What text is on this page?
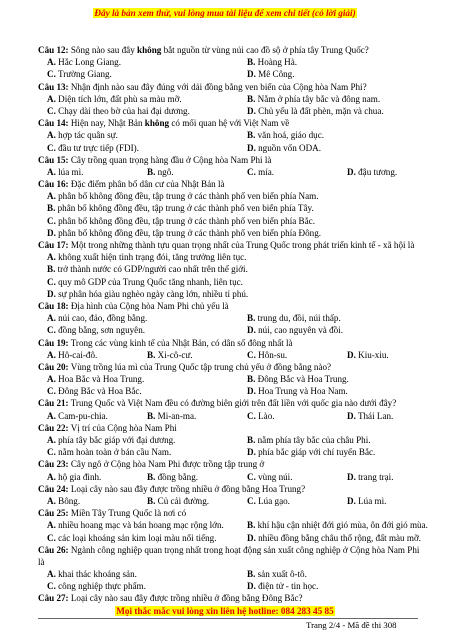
Đây là bản xem thử, vui lòng mua tài liệu để xem chi tiết (có lời giải)
Câu 12: Sông nào sau đây không bắt nguồn từ vùng núi cao đồ sộ ở phía tây Trung Quốc?
A. Hắc Long Giang.	B. Hoàng Hà.
C. Trường Giang.	D. Mê Công.
Câu 13: Nhận định nào sau đây đúng với dải đồng bằng ven biển của Cộng hòa Nam Phi?
A. Diện tích lớn, đất phù sa màu mỡ.	B. Nằm ở phía tây bắc và đông nam.
C. Chạy dài theo bờ của hai đại dương.	D. Chủ yếu là đất phèn, mặn và chua.
Câu 14: Hiện nay, Nhật Bản không có mối quan hệ với Việt Nam về
A. hợp tác quân sự.	B. văn hoá, giáo dục.
C. đầu tư trực tiếp (FDI).	D. nguồn vốn ODA.
Câu 15: Cây trồng quan trọng hàng đầu ở Cộng hòa Nam Phi là
A. lúa mì.	B. ngô.	C. mía.	D. đậu tương.
Câu 16: Đặc điểm phân bố dân cư của Nhật Bản là
A. phân bố không đồng đều, tập trung ở các thành phố ven biển phía Nam.
B. phân bố không đồng đều, tập trung ở các thành phố ven biển phía Tây.
C. phân bố không đồng đều, tập trung ở các thành phố ven biển phía Bắc.
D. phân bố không đồng đều, tập trung ở các thành phố ven biển phía Đông.
Câu 17: Một trong những thành tựu quan trọng nhất của Trung Quốc trong phát triển kinh tế - xã hội là
A. không xuất hiện tình trạng đói, tăng trưởng liên tục.
B. trở thành nước có GDP/người cao nhất trên thế giới.
C. quy mô GDP của Trung Quốc tăng nhanh, liên tục.
D. sự phân hóa giàu nghèo ngày càng lớn, nhiều tỉ phú.
Câu 18: Địa hình của Cộng hòa Nam Phi chủ yếu là
A. núi cao, đảo, đồng bằng.	B. trung du, đồi, núi thấp.
C. đồng bằng, sơn nguyên.	D. núi, cao nguyên và đồi.
Câu 19: Trong các vùng kinh tế của Nhật Bản, có dân số đông nhất là
A. Hô-cai-đô.	B. Xi-cô-cư.	C. Hôn-su.	D. Kiu-xiu.
Câu 20: Vùng trồng lúa mì của Trung Quốc tập trung chủ yếu ở đồng bằng nào?
A. Hoa Bắc và Hoa Trung.	B. Đông Bắc và Hoa Trung.
C. Đông Bắc và Hoa Bắc.	D. Hoa Trung và Hoa Nam.
Câu 21: Trung Quốc và Việt Nam đều có đường biên giới trên đất liền với quốc gia nào dưới đây?
A. Cam-pu-chia.	B. Mi-an-ma.	C. Lào.	D. Thái Lan.
Câu 22: Vị trí của Cộng hòa Nam Phi
A. phía tây bắc giáp với đại dương.	B. nằm phía tây bắc của châu Phi.
C. nằm hoàn toàn ở bán cầu Nam.	D. phía bắc giáp với chí tuyến Bắc.
Câu 23: Cây ngô ở Cộng hòa Nam Phi được trồng tập trung ở
A. hộ gia đình.	B. đồng bằng.	C. vùng núi.	D. trang trại.
Câu 24: Loại cây nào sau đây được trồng nhiều ở đồng bằng Hoa Trung?
A. Bông.	B. Củ cải đường.	C. Lúa gạo.	D. Lúa mì.
Câu 25: Miền Tây Trung Quốc là nơi có
A. nhiều hoang mạc và bán hoang mạc rộng lớn.	B. khí hậu cận nhiệt đới gió mùa, ôn đới gió mùa.
C. các loại khoáng sản kim loại màu nổi tiếng.	D. nhiều đồng bằng châu thổ rộng, đất màu mỡ.
Câu 26: Ngành công nghiệp quan trọng nhất trong hoạt động sản xuất công nghiệp ở Cộng hòa Nam Phi
là
A. khai thác khoáng sản.	B. sản xuất ô-tô.
C. công nghiệp thực phẩm.	D. điện tử - tin học.
Câu 27: Loại cây nào sau đây được trồng nhiều ở đồng bằng Đông Bắc?
Mọi thắc mắc vui lòng xin liên hệ hotline: 084 283 45 85
Trang 2/4 - Mã đề thi 308
